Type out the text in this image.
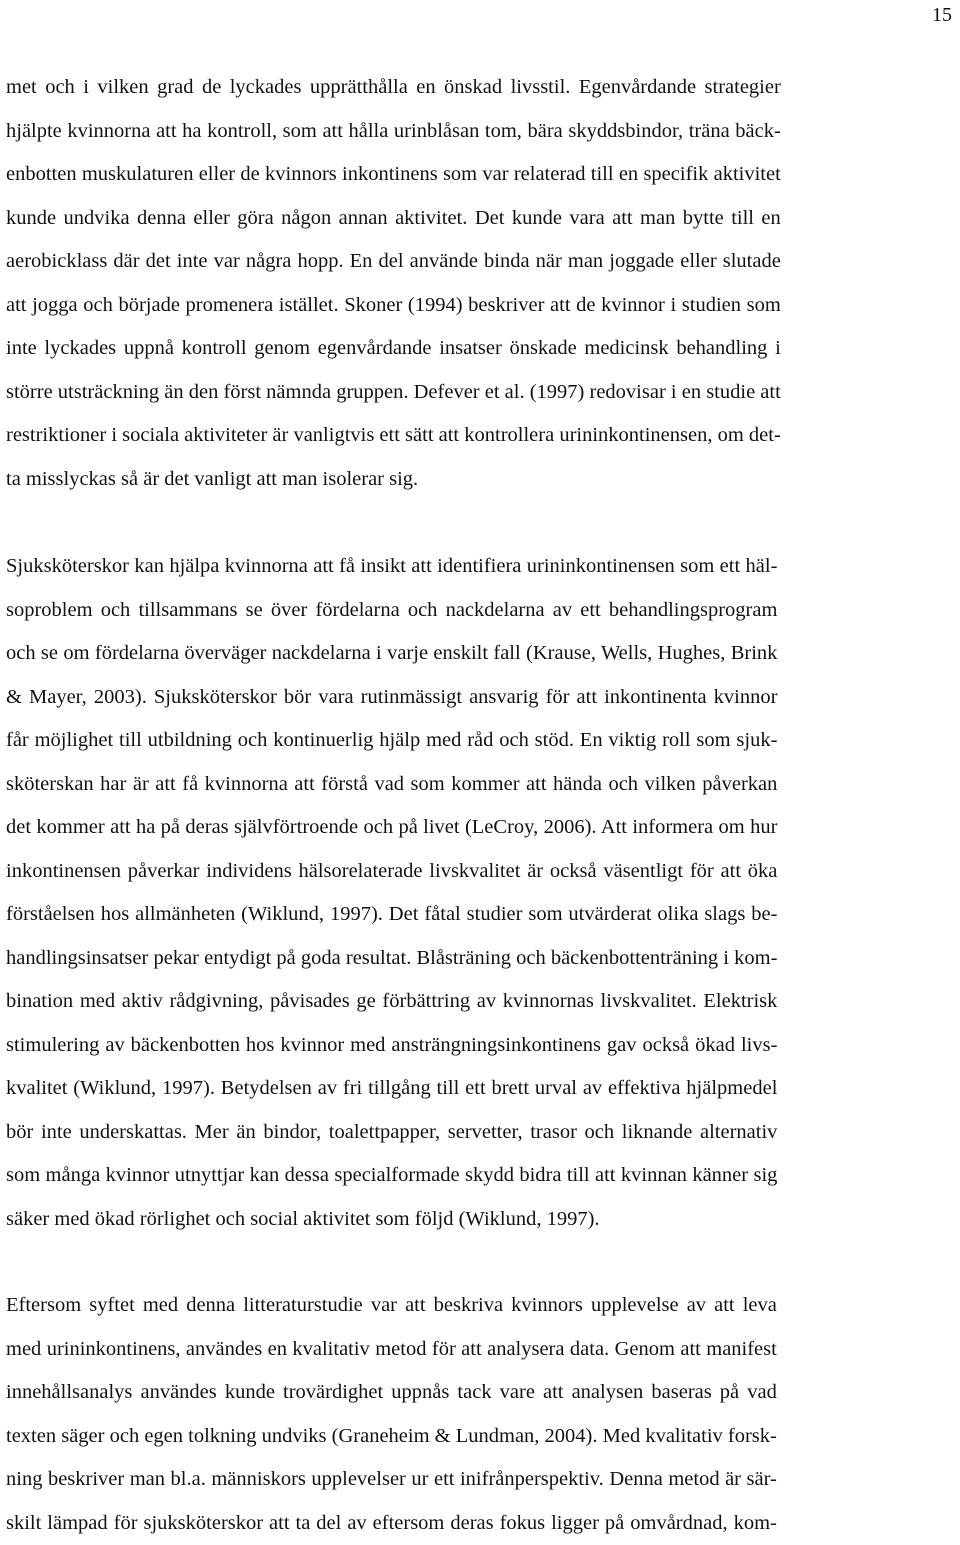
15
met och i vilken grad de lyckades upprätthålla en önskad livsstil. Egenvårdande strategier
hjälpte kvinnorna att ha kontroll, som att hålla urinblåsan tom, bära skyddsbindor, träna bäck-
enbotten muskulaturen eller de kvinnors inkontinens som var relaterad till en specifik aktivitet
kunde undvika denna eller göra någon annan aktivitet. Det kunde vara att man bytte till en
aerobicklass där det inte var några hopp. En del använde binda när man joggade eller slutade
att jogga och började promenera istället. Skoner (1994) beskriver att de kvinnor i studien som
inte lyckades uppnå kontroll genom egenvårdande insatser önskade medicinsk behandling i
större utsträckning än den först nämnda gruppen. Defever et al. (1997) redovisar i en studie att
restriktioner i sociala aktiviteter är vanligtvis ett sätt att kontrollera urininkontinensen, om det-
ta misslyckas så är det vanligt att man isolerar sig.
Sjuksköterskor kan hjälpa kvinnorna att få insikt att identifiera urininkontinensen som ett häl-
soproblem och tillsammans se över fördelarna och nackdelarna av ett behandlingsprogram
och se om fördelarna överväger nackdelarna i varje enskilt fall (Krause, Wells, Hughes, Brink
& Mayer, 2003). Sjuksköterskor bör vara rutinmässigt ansvarig för att inkontinenta kvinnor
får möjlighet till utbildning och kontinuerlig hjälp med råd och stöd. En viktig roll som sjuk-
sköterskan har är att få kvinnorna att förstå vad som kommer att hända och vilken påverkan
det kommer att ha på deras självförtroende och på livet (LeCroy, 2006). Att informera om hur
inkontinensen påverkar individens hälsorelaterade livskvalitet är också väsentligt för att öka
förståelsen hos allmänheten (Wiklund, 1997). Det fåtal studier som utvärderat olika slags be-
handlingsinsatser pekar entydigt på goda resultat. Blåsträning och bäckenbottenträning i kom-
bination med aktiv rådgivning, påvisades ge förbättring av kvinnornas livskvalitet. Elektrisk
stimulering av bäckenbotten hos kvinnor med ansträngningsinkontinens gav också ökad livs-
kvalitet (Wiklund, 1997). Betydelsen av fri tillgång till ett brett urval av effektiva hjälpmedel
bör inte underskattas. Mer än bindor, toalettpapper, servetter, trasor och liknande alternativ
som många kvinnor utnyttjar kan dessa specialformade skydd bidra till att kvinnan känner sig
säker med ökad rörlighet och social aktivitet som följd (Wiklund, 1997).
Eftersom syftet med denna litteraturstudie var att beskriva kvinnors upplevelse av att leva
med urininkontinens, användes en kvalitativ metod för att analysera data. Genom att manifest
innehållsanalys användes kunde trovärdighet uppnås tack vare att analysen baseras på vad
texten säger och egen tolkning undviks (Graneheim & Lundman, 2004). Med kvalitativ forsk-
ning beskriver man bl.a. människors upplevelser ur ett inifrånperspektiv. Denna metod är sär-
skilt lämpad för sjuksköterskor att ta del av eftersom deras fokus ligger på omvårdnad, kom-
